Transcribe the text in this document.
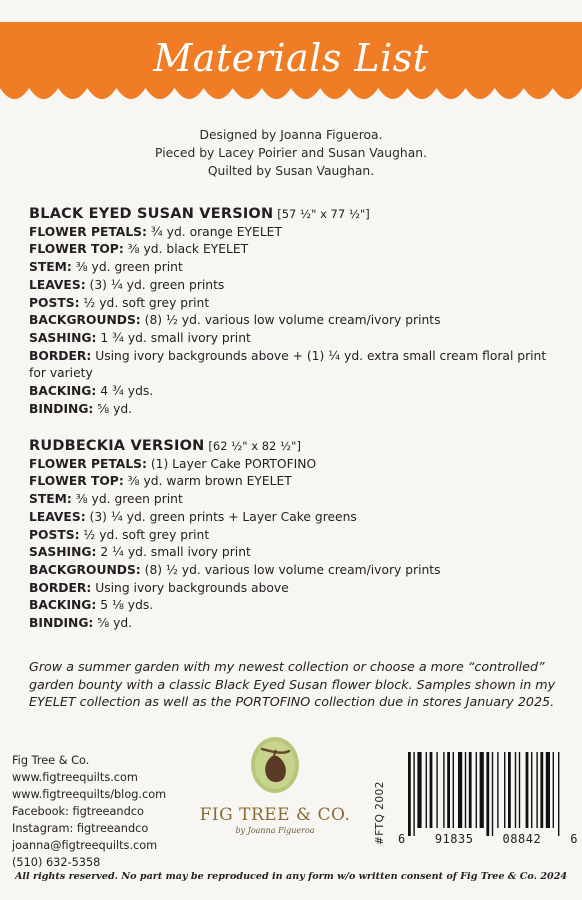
Materials List
Designed by Joanna Figueroa.
Pieced by Lacey Poirier and Susan Vaughan.
Quilted by Susan Vaughan.
BLACK EYED SUSAN VERSION [57 ½" x 77 ½"]
FLOWER PETALS: ¾ yd. orange EYELET
FLOWER TOP: ⅜ yd. black EYELET
STEM: ⅜ yd. green print
LEAVES: (3) ¼ yd. green prints
POSTS: ½ yd. soft grey print
BACKGROUNDS: (8) ½ yd. various low volume cream/ivory prints
SASHING: 1 ¾ yd. small ivory print
BORDER: Using ivory backgrounds above + (1) ¼ yd. extra small cream floral print for variety
BACKING: 4 ¾ yds.
BINDING: ⅝ yd.
RUDBECKIA VERSION [62 ½" x 82 ½"]
FLOWER PETALS: (1) Layer Cake PORTOFINO
FLOWER TOP: ⅜ yd. warm brown EYELET
STEM: ⅜ yd. green print
LEAVES: (3) ¼ yd. green prints + Layer Cake greens
POSTS: ½ yd. soft grey print
SASHING: 2 ¼ yd. small ivory print
BACKGROUNDS: (8) ½ yd. various low volume cream/ivory prints
BORDER: Using ivory backgrounds above
BACKING: 5 ⅛ yds.
BINDING: ⅝ yd.
Grow a summer garden with my newest collection or choose a more “controlled” garden bounty with a classic Black Eyed Susan flower block. Samples shown in my EYELET collection as well as the PORTOFINO collection due in stores January 2025.
Fig Tree & Co.
www.figtreequilts.com
www.figtreequilts/blog.com
Facebook: figtreeandco
Instagram: figtreeandco
joanna@figtreequilts.com
(510) 632-5358
FIG TREE & CO.
by Joanna Figueroa	#FTQ 2002 6 91835 08842 6
All rights reserved. No part may be reproduced in any form w/o written consent of Fig Tree & Co. 2024
